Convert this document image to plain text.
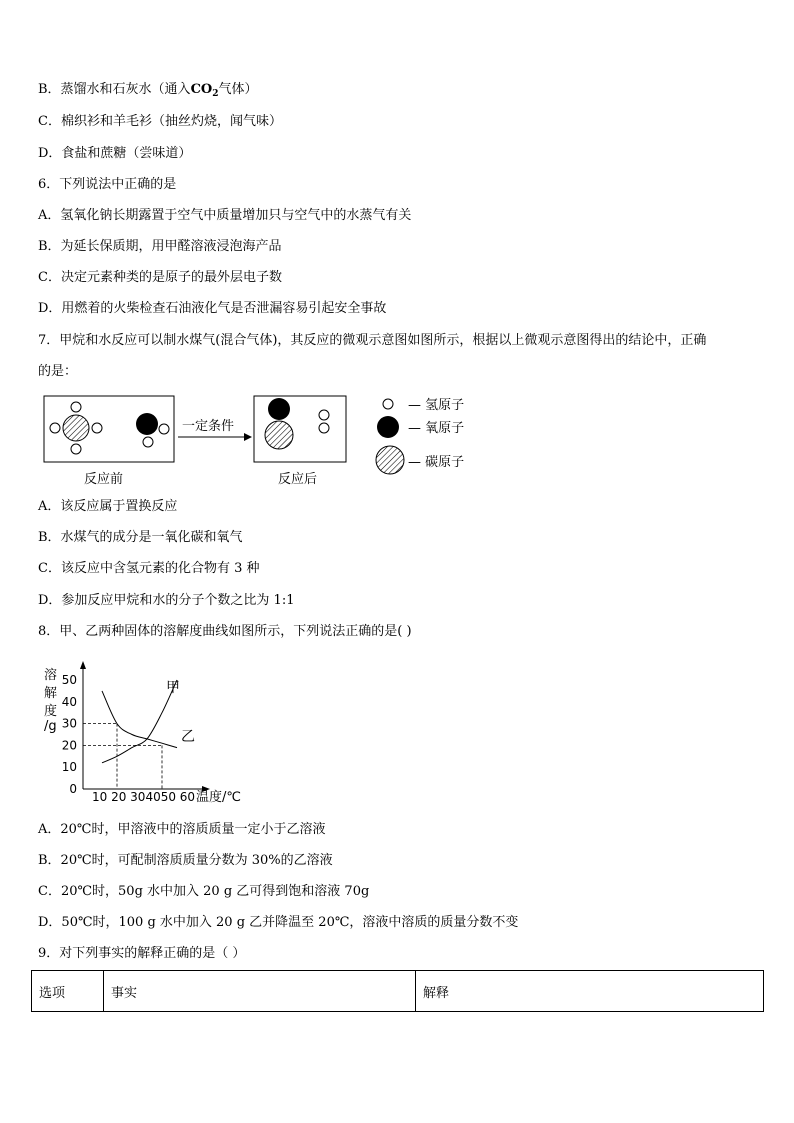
B．蒸馏水和石灰水（通入$CO_2$气体）
C．棉织衫和羊毛衫（抽丝灼烧，闻气味）
D．食盐和蔗糖（尝味道）
6．下列说法中正确的是
A．氢氧化钠长期露置于空气中质量增加只与空气中的水蒸气有关
B．为延长保质期，用甲醛溶液浸泡海产品
C．决定元素种类的是原子的最外层电子数
D．用燃着的火柴检查石油液化气是否泄漏容易引起安全事故
7．甲烷和水反应可以制水煤气(混合气体)，其反应的微观示意图如图所示，根据以上微观示意图得出的结论中，正确
的是：
一定条件
反应前	反应后
— 氢原子
— 氧原子
— 碳原子
A．该反应属于置换反应
B．水煤气的成分是一氧化碳和氧气
C．该反应中含氢元素的化合物有 3 种
D．参加反应甲烷和水的分子个数之比为 1:1
8．甲、乙两种固体的溶解度曲线如图所示，下列说法正确的是( )
溶
解
度
/g
50
40
30
20
10
0
甲
乙
10 20 304050 60 温度/℃
A．20℃时，甲溶液中的溶质质量一定小于乙溶液
B．20℃时，可配制溶质质量分数为 30%的乙溶液
C．20℃时，50g 水中加入 20 g 乙可得到饱和溶液 70g
D．50℃时，100 g 水中加入 20 g 乙并降温至 20℃，溶液中溶质的质量分数不变
9．对下列事实的解释正确的是（ ）
选项	事实	解释
